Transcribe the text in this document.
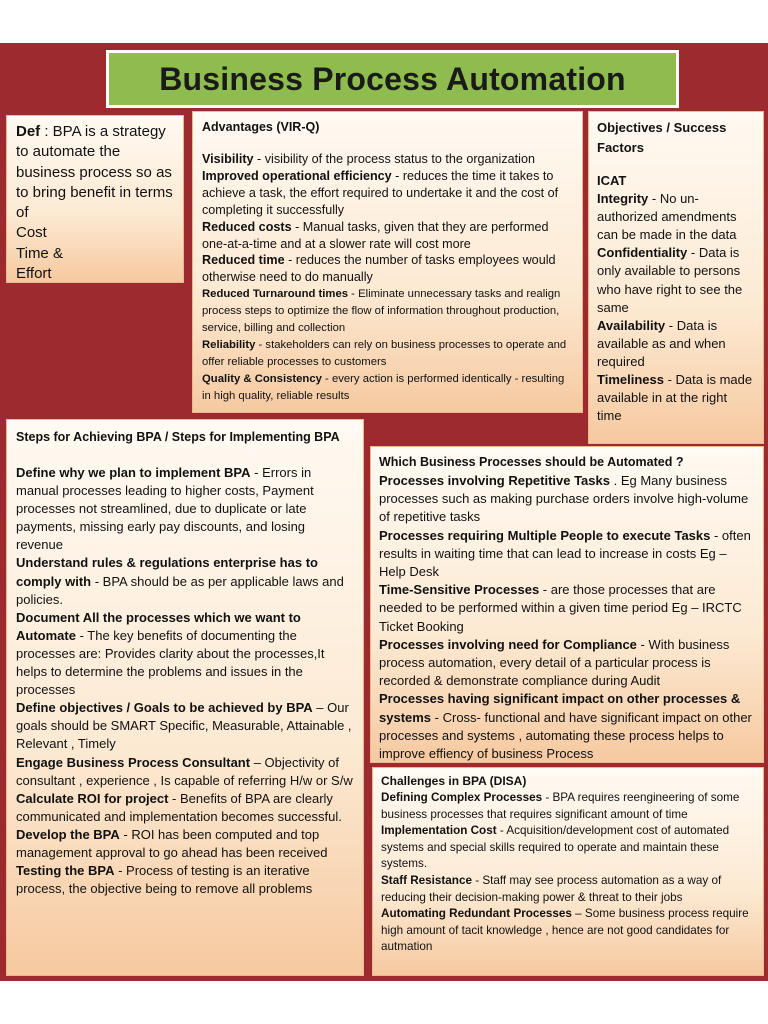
Business Process Automation

Def : BPA is a strategy to automate the business process so as to bring benefit in terms of

Cost

Time &

Effort

Advantages (VIR-Q)

Visibility - visibility of the process status to the organization

Improved operational efficiency - reduces the time it takes to achieve a task, the effort required to undertake it and the cost of completing it successfully

Reduced costs - Manual tasks, given that they are performed one-at-a-time and at a slower rate will cost more

Reduced time - reduces the number of tasks employees would otherwise need to do manually

Reduced Turnaround times - Eliminate unnecessary tasks and realign process steps to optimize the flow of information throughout production, service, billing and collection

Reliability - stakeholders can rely on business processes to operate and offer reliable processes to customers

Quality & Consistency - every action is performed identically - resulting in high quality, reliable results

Objectives / Success Factors

ICAT

Integrity - No un-authorized amendments can be made in the data

Confidentiality - Data is only available to persons who have right to see the same

Availability - Data is available as and when required

Timeliness - Data is made available in at the right time

Steps for Achieving BPA / Steps for Implementing BPA

Define why we plan to implement BPA - Errors in manual processes leading to higher costs, Payment processes not streamlined, due to duplicate or late payments, missing early pay discounts, and losing revenue

Understand rules & regulations enterprise has to comply with - BPA should be as per applicable laws and policies.

Document All the processes which we want to Automate - The key benefits of documenting the processes are: Provides clarity about the processes,It helps to determine the problems and issues in the processes

Define objectives / Goals to be achieved by BPA – Our goals should be SMART Specific, Measurable, Attainable , Relevant , Timely

Engage Business Process Consultant – Objectivity of consultant , experience , Is capable of referring H/w or S/w

Calculate ROI for project - Benefits of BPA are clearly communicated and implementation becomes successful.

Develop the BPA - ROI has been computed and top management approval to go ahead has been received

Testing the BPA - Process of testing is an iterative process, the objective being to remove all problems

Which Business Processes should be Automated ?

Processes involving Repetitive Tasks . Eg Many business processes such as making purchase orders involve high-volume of repetitive tasks

Processes requiring Multiple People to execute Tasks - often results in waiting time that can lead to increase in costs Eg – Help Desk

Time-Sensitive Processes - are those processes that are needed to be performed within a given time period Eg – IRCTC Ticket Booking

Processes involving need for Compliance - With business process automation, every detail of a particular process is recorded & demonstrate compliance during Audit

Processes having significant impact on other processes & systems - Cross- functional and have significant impact on other processes and systems , automating these process helps to improve effiency of business Process

Challenges in BPA (DISA)

Defining Complex Processes - BPA requires reengineering of some business processes that requires significant amount of time

Implementation Cost - Acquisition/development cost of automated systems and special skills required to operate and maintain these systems.

Staff Resistance - Staff may see process automation as a way of reducing their decision-making power & threat to their jobs

Automating Redundant Processes – Some business process require high amount of tacit knowledge , hence are not good candidates for autmation
